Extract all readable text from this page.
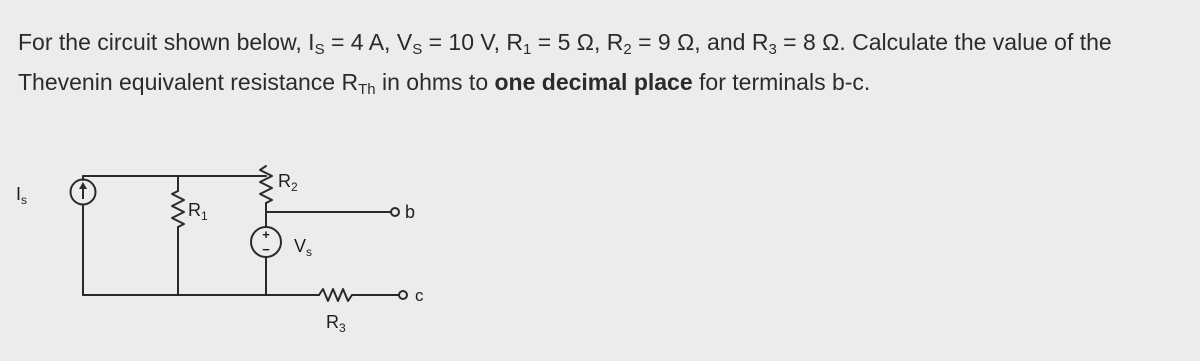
For the circuit shown below, $I_S = 4$ A, $V_S = 10$ V, $R_1 = 5$ Ω, $R_2 = 9$ Ω, and $R_3 = 8$ Ω. Calculate the value of the Thevenin equivalent resistance $R_{Th}$ in ohms to one decimal place for terminals b-c.
$I_s$	$R_1$
$R_2$
$V_s$
$R_3$
b
c
+
−
